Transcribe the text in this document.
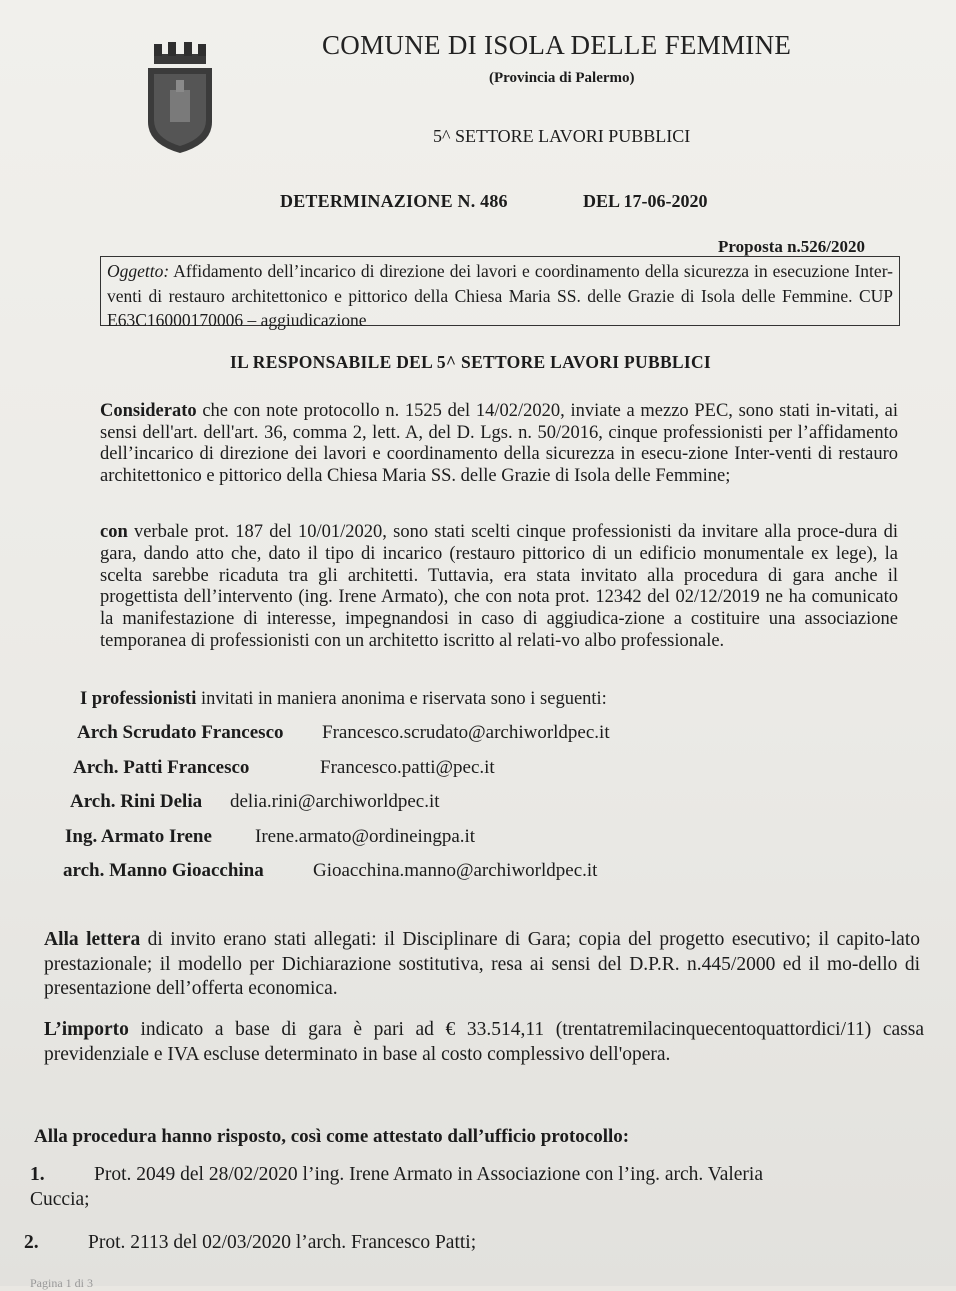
COMUNE DI ISOLA DELLE FEMMINE
(Provincia di Palermo)
5^ SETTORE LAVORI PUBBLICI
DETERMINAZIONE N. 486	DEL 17-06-2020
Proposta n.526/2020
Oggetto: Affidamento dell’incarico di direzione dei lavori e coordinamento della sicurezza in esecuzione Inter-venti di restauro architettonico e pittorico della Chiesa Maria SS. delle Grazie di Isola delle Femmine. CUP E63C16000170006 – aggiudicazione
IL RESPONSABILE DEL 5^ SETTORE LAVORI PUBBLICI
Considerato che con note protocollo n. 1525 del 14/02/2020, inviate a mezzo PEC, sono stati in-vitati, ai sensi dell'art. dell'art. 36, comma 2, lett. A, del D. Lgs. n. 50/2016, cinque professionisti per l’affidamento dell’incarico di direzione dei lavori e coordinamento della sicurezza in esecu-zione Inter-venti di restauro architettonico e pittorico della Chiesa Maria SS. delle Grazie di Isola delle Femmine;
con verbale prot. 187 del 10/01/2020, sono stati scelti cinque professionisti da invitare alla proce-dura di gara, dando atto che, dato il tipo di incarico (restauro pittorico di un edificio monumentale ex lege), la scelta sarebbe ricaduta tra gli architetti. Tuttavia, era stata invitato alla procedura di gara anche il progettista dell’intervento (ing. Irene Armato), che con nota prot. 12342 del 02/12/2019 ne ha comunicato la manifestazione di interesse, impegnandosi in caso di aggiudica-zione a costituire una associazione temporanea di professionisti con un architetto iscritto al relati-vo albo professionale.
I professionisti invitati in maniera anonima e riservata sono i seguenti:
Arch Scrudato Francesco Francesco.scrudato@archiworldpec.it
Arch. Patti Francesco	Francesco.patti@pec.it
Arch. Rini Delia delia.rini@archiworldpec.it
Ing. Armato Irene Irene.armato@ordineingpa.it
arch. Manno Gioacchina	Gioacchina.manno@archiworldpec.it
Alla lettera di invito erano stati allegati: il Disciplinare di Gara; copia del progetto esecutivo; il capito-lato prestazionale; il modello per Dichiarazione sostitutiva, resa ai sensi del D.P.R. n.445/2000 ed il mo-dello di presentazione dell’offerta economica.
L’importo indicato a base di gara è pari ad € 33.514,11 (trentatremilacinquecentoquattordici/11) cassa previdenziale e IVA escluse determinato in base al costo complessivo dell'opera.
Alla procedura hanno risposto, così come attestato dall’ufficio protocollo:
1.	Prot. 2049 del 28/02/2020 l’ing. Irene Armato in Associazione con l’ing. arch. Valeria
Cuccia;
2.	Prot. 2113 del 02/03/2020 l’arch. Francesco Patti;
Pagina 1 di 3
